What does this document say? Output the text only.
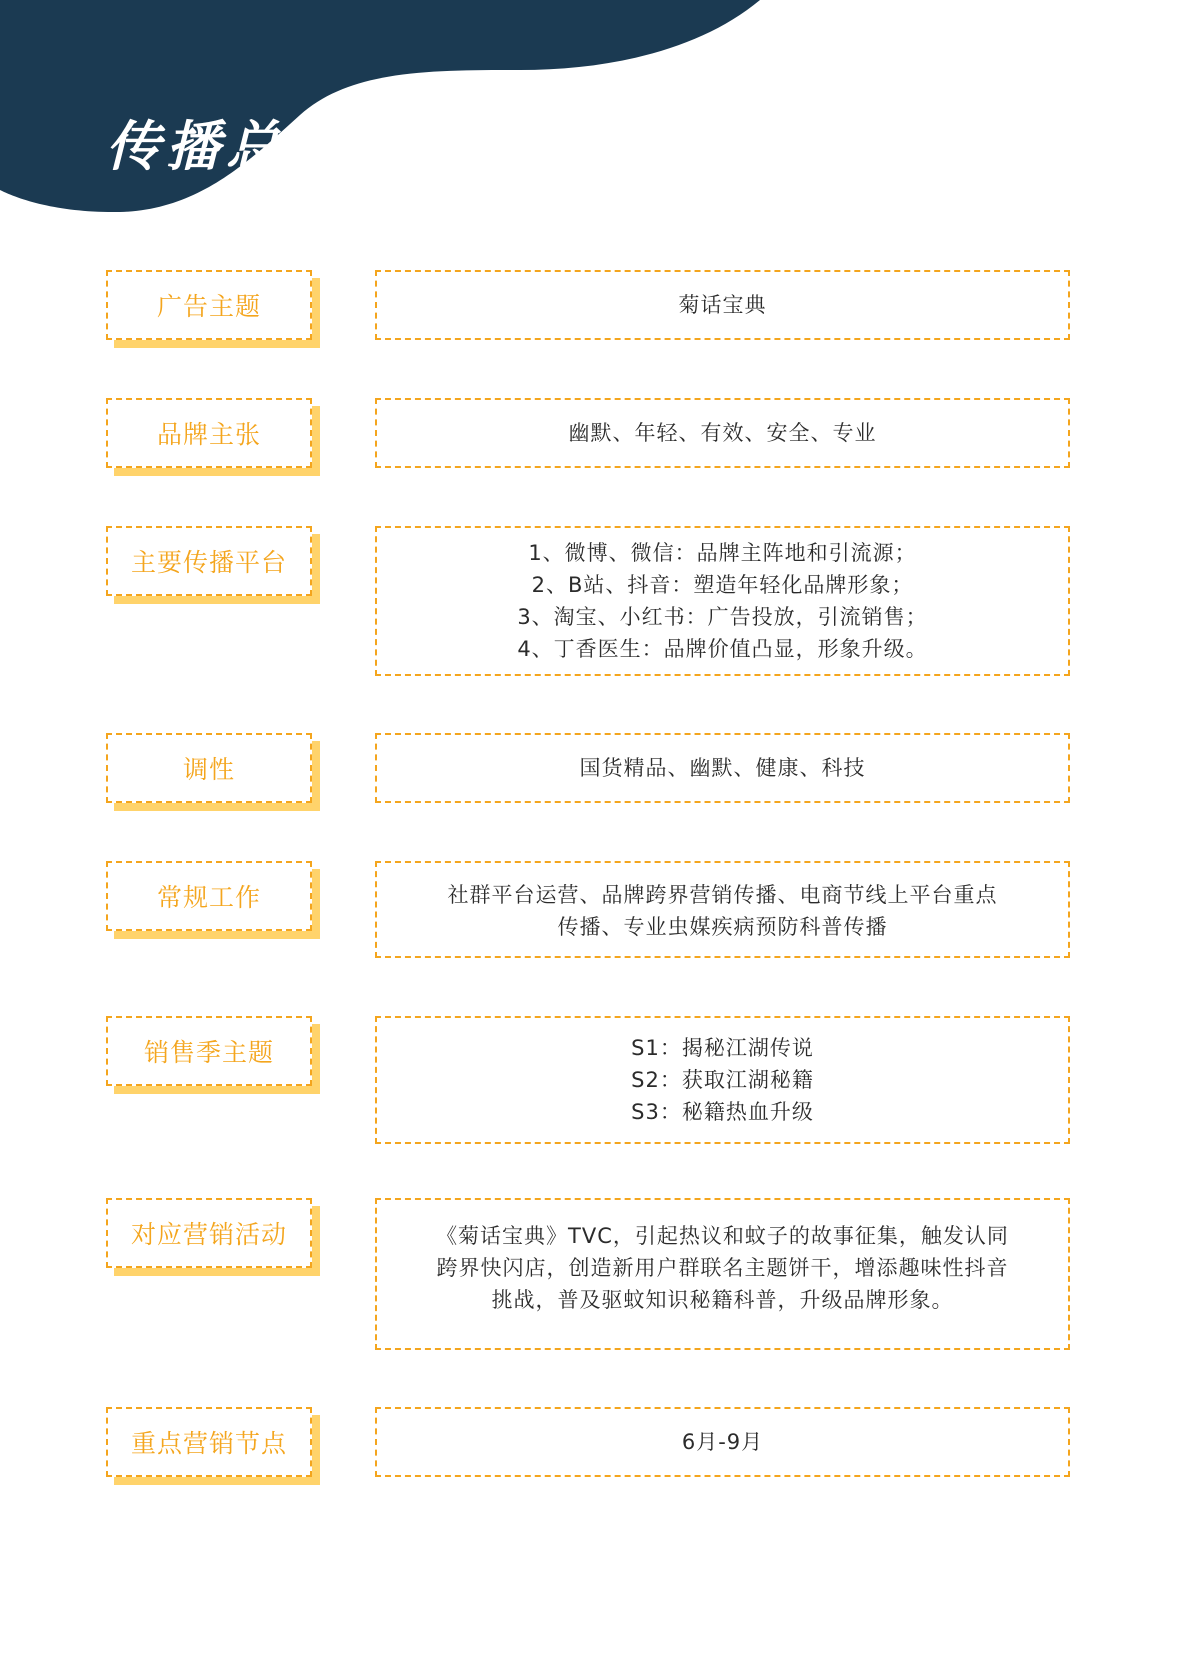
传播总览
广告主题	菊话宝典
品牌主张	幽默、年轻、有效、安全、专业
主要传播平台	1、微博、微信：品牌主阵地和引流源；
2、B站、抖音：塑造年轻化品牌形象；
3、淘宝、小红书：广告投放，引流销售；
4、丁香医生：品牌价值凸显，形象升级。
调性	国货精品、幽默、健康、科技
常规工作	社群平台运营、品牌跨界营销传播、电商节线上平台重点
传播、专业虫媒疾病预防科普传播
销售季主题	S1：揭秘江湖传说
S2：获取江湖秘籍
S3：秘籍热血升级
对应营销活动	《菊话宝典》TVC，引起热议和蚊子的故事征集，触发认同
跨界快闪店，创造新用户群联名主题饼干，增添趣味性抖音
挑战，普及驱蚊知识秘籍科普，升级品牌形象。
重点营销节点	6月-9月
